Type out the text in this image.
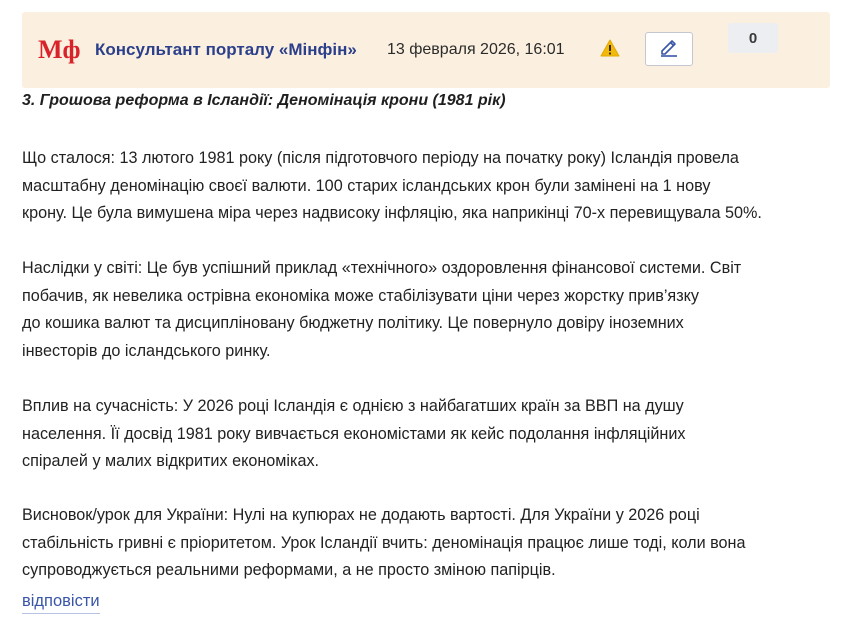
Мф Консультант порталу «Мінфін» 13 февраля 2026, 16:01
0
3. Грошова реформа в Ісландії: Деномінація крони (1981 рік)
Що сталося: 13 лютого 1981 року (після підготовчого періоду на початку року) Ісландія провела
масштабну деномінацію своєї валюти. 100 старих ісландських крон були замінені на 1 нову
крону. Це була вимушена міра через надвисоку інфляцію, яка наприкінці 70-х перевищувала 50%.
Наслідки у світі: Це був успішний приклад «технічного» оздоровлення фінансової системи. Світ
побачив, як невелика острівна економіка може стабілізувати ціни через жорстку прив’язку
до кошика валют та дисципліновану бюджетну політику. Це повернуло довіру іноземних
інвесторів до ісландського ринку.
Вплив на сучасність: У 2026 році Ісландія є однією з найбагатших країн за ВВП на душу
населення. Її досвід 1981 року вивчається економістами як кейс подолання інфляційних
спіралей у малих відкритих економіках.
Висновок/урок для України: Нулі на купюрах не додають вартості. Для України у 2026 році
стабільність гривні є пріоритетом. Урок Ісландії вчить: деномінація працює лише тоді, коли вона
супроводжується реальними реформами, а не просто зміною папірців.
відповісти
